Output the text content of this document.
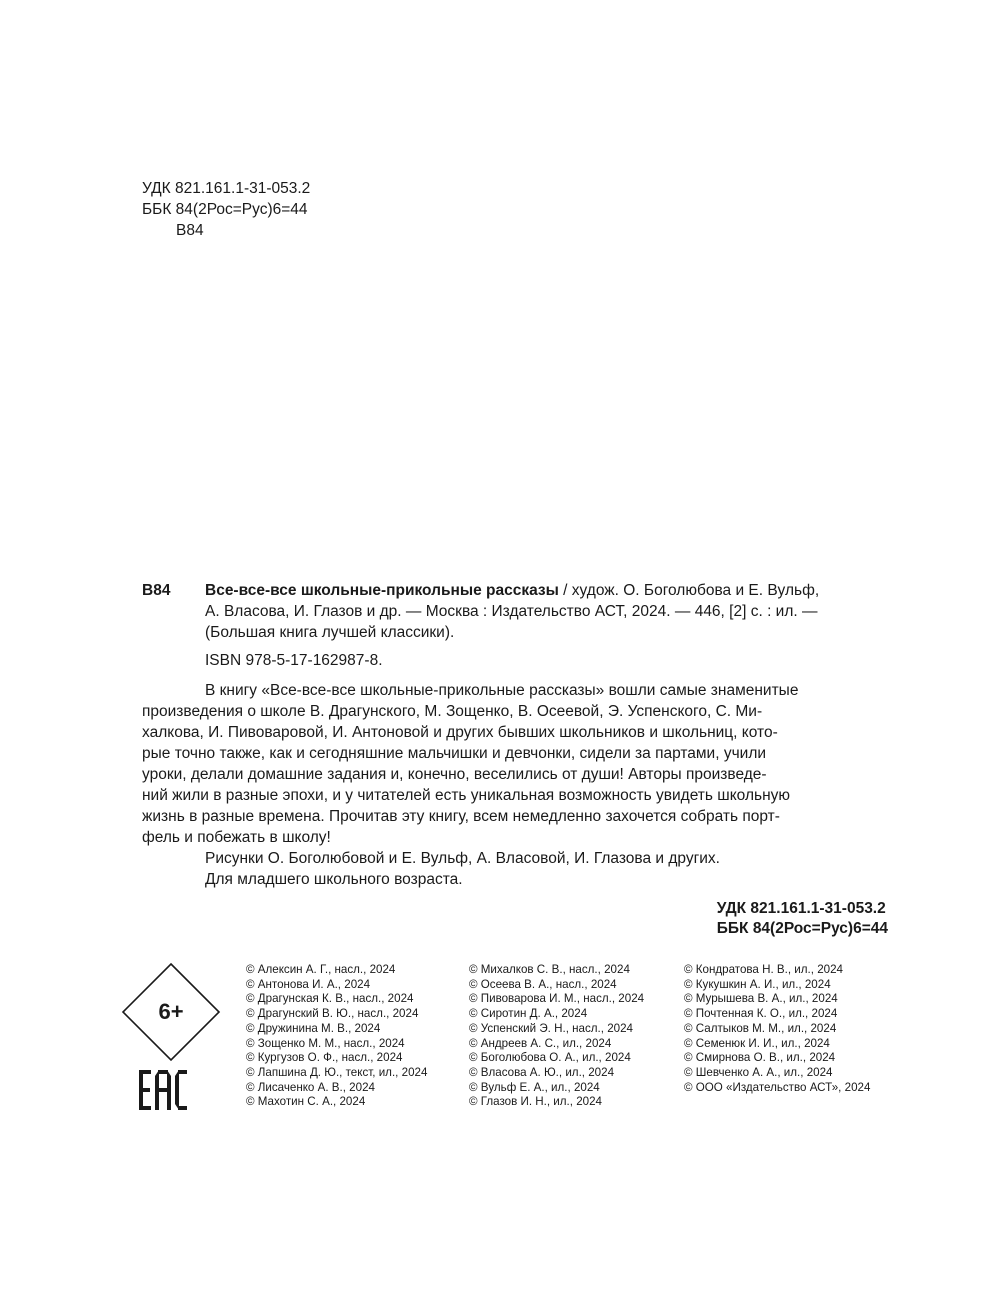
УДК 821.161.1-31-053.2
ББК 84(2Рос=Рус)6=44
В84
В84	Все-все-все школьные-прикольные рассказы / худож. О. Боголюбова и Е. Вульф,
А. Власова, И. Глазов и др. — Москва : Издательство АСТ, 2024. — 446, [2] с. : ил. —
(Большая книга лучшей классики).
ISBN 978-5-17-162987-8.
В книгу «Все-все-все школьные-прикольные рассказы» вошли самые знаменитые
произведения о школе В. Драгунского, М. Зощенко, В. Осеевой, Э. Успенского, С. Ми-
халкова, И. Пивоваровой, И. Антоновой и других бывших школьников и школьниц, кото-
рые точно также, как и сегодняшние мальчишки и девчонки, сидели за партами, учили
уроки, делали домашние задания и, конечно, веселились от души! Авторы произведе-
ний жили в разные эпохи, и у читателей есть уникальная возможность увидеть школьную
жизнь в разные времена. Прочитав эту книгу, всем немедленно захочется собрать порт-
фель и побежать в школу!
Рисунки О. Боголюбовой и Е. Вульф, А. Власовой, И. Глазова и других.
Для младшего школьного возраста.
УДК 821.161.1-31-053.2
ББК 84(2Рос=Рус)6=44
6+
© Алексин А. Г., насл., 2024
© Антонова И. А., 2024
© Драгунская К. В., насл., 2024
© Драгунский В. Ю., насл., 2024
© Дружинина М. В., 2024
© Зощенко М. М., насл., 2024
© Кургузов О. Ф., насл., 2024
© Лапшина Д. Ю., текст, ил., 2024
© Лисаченко А. В., 2024
© Махотин С. А., 2024
© Михалков С. В., насл., 2024
© Осеева В. А., насл., 2024
© Пивоварова И. М., насл., 2024
© Сиротин Д. А., 2024
© Успенский Э. Н., насл., 2024
© Андреев А. С., ил., 2024
© Боголюбова О. А., ил., 2024
© Власова А. Ю., ил., 2024
© Вульф Е. А., ил., 2024
© Глазов И. Н., ил., 2024
© Кондратова Н. В., ил., 2024
© Кукушкин А. И., ил., 2024
© Мурышева В. А., ил., 2024
© Почтенная К. О., ил., 2024
© Салтыков М. М., ил., 2024
© Семенюк И. И., ил., 2024
© Смирнова О. В., ил., 2024
© Шевченко А. А., ил., 2024
© ООО «Издательство АСТ», 2024
